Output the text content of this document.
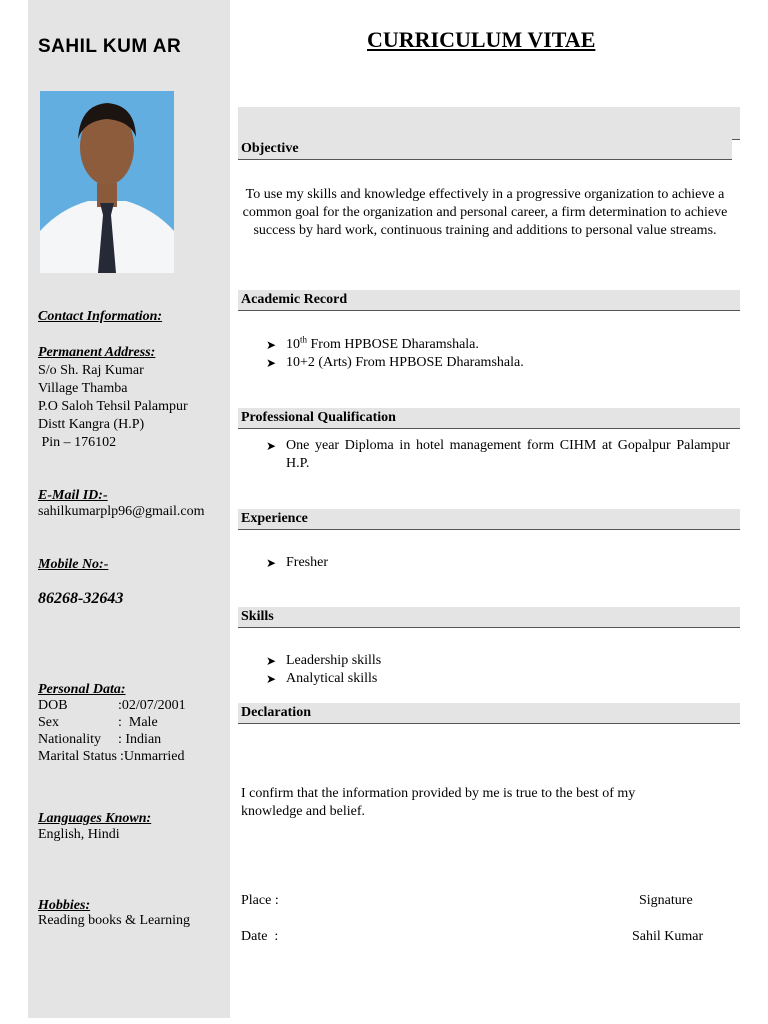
SAHIL KUM AR
Contact Information:
Permanent Address:
S/o Sh. Raj Kumar
Village Thamba
P.O Saloh Tehsil Palampur
Distt Kangra (H.P)
Pin – 176102
E-Mail ID:-
sahilkumarplp96@gmail.com
Mobile No:-
86268-32643
Personal Data:
DOB	:02/07/2001
Sex	:  Male
Nationality : Indian
Marital Status :Unmarried
Languages Known:
English, Hindi
Hobbies:
Reading books & Learning
CURRICULUM VITAE
Objective
To use my skills and knowledge effectively in a progressive organization to achieve a common goal for the organization and personal career, a firm determination to achieve success by hard work, continuous training and additions to personal value streams.
Academic Record
➤ 10th From HPBOSE Dharamshala.
➤ 10+2 (Arts) From HPBOSE Dharamshala.
Professional Qualification
➤ One year Diploma in hotel management form CIHM at Gopalpur Palampur H.P.
Experience
➤ Fresher
Skills
➤ Leadership skills
➤ Analytical skills
Declaration
I confirm that the information provided by me is true to the best of my knowledge and belief.
Place :
Date  :
Signature
Sahil Kumar
